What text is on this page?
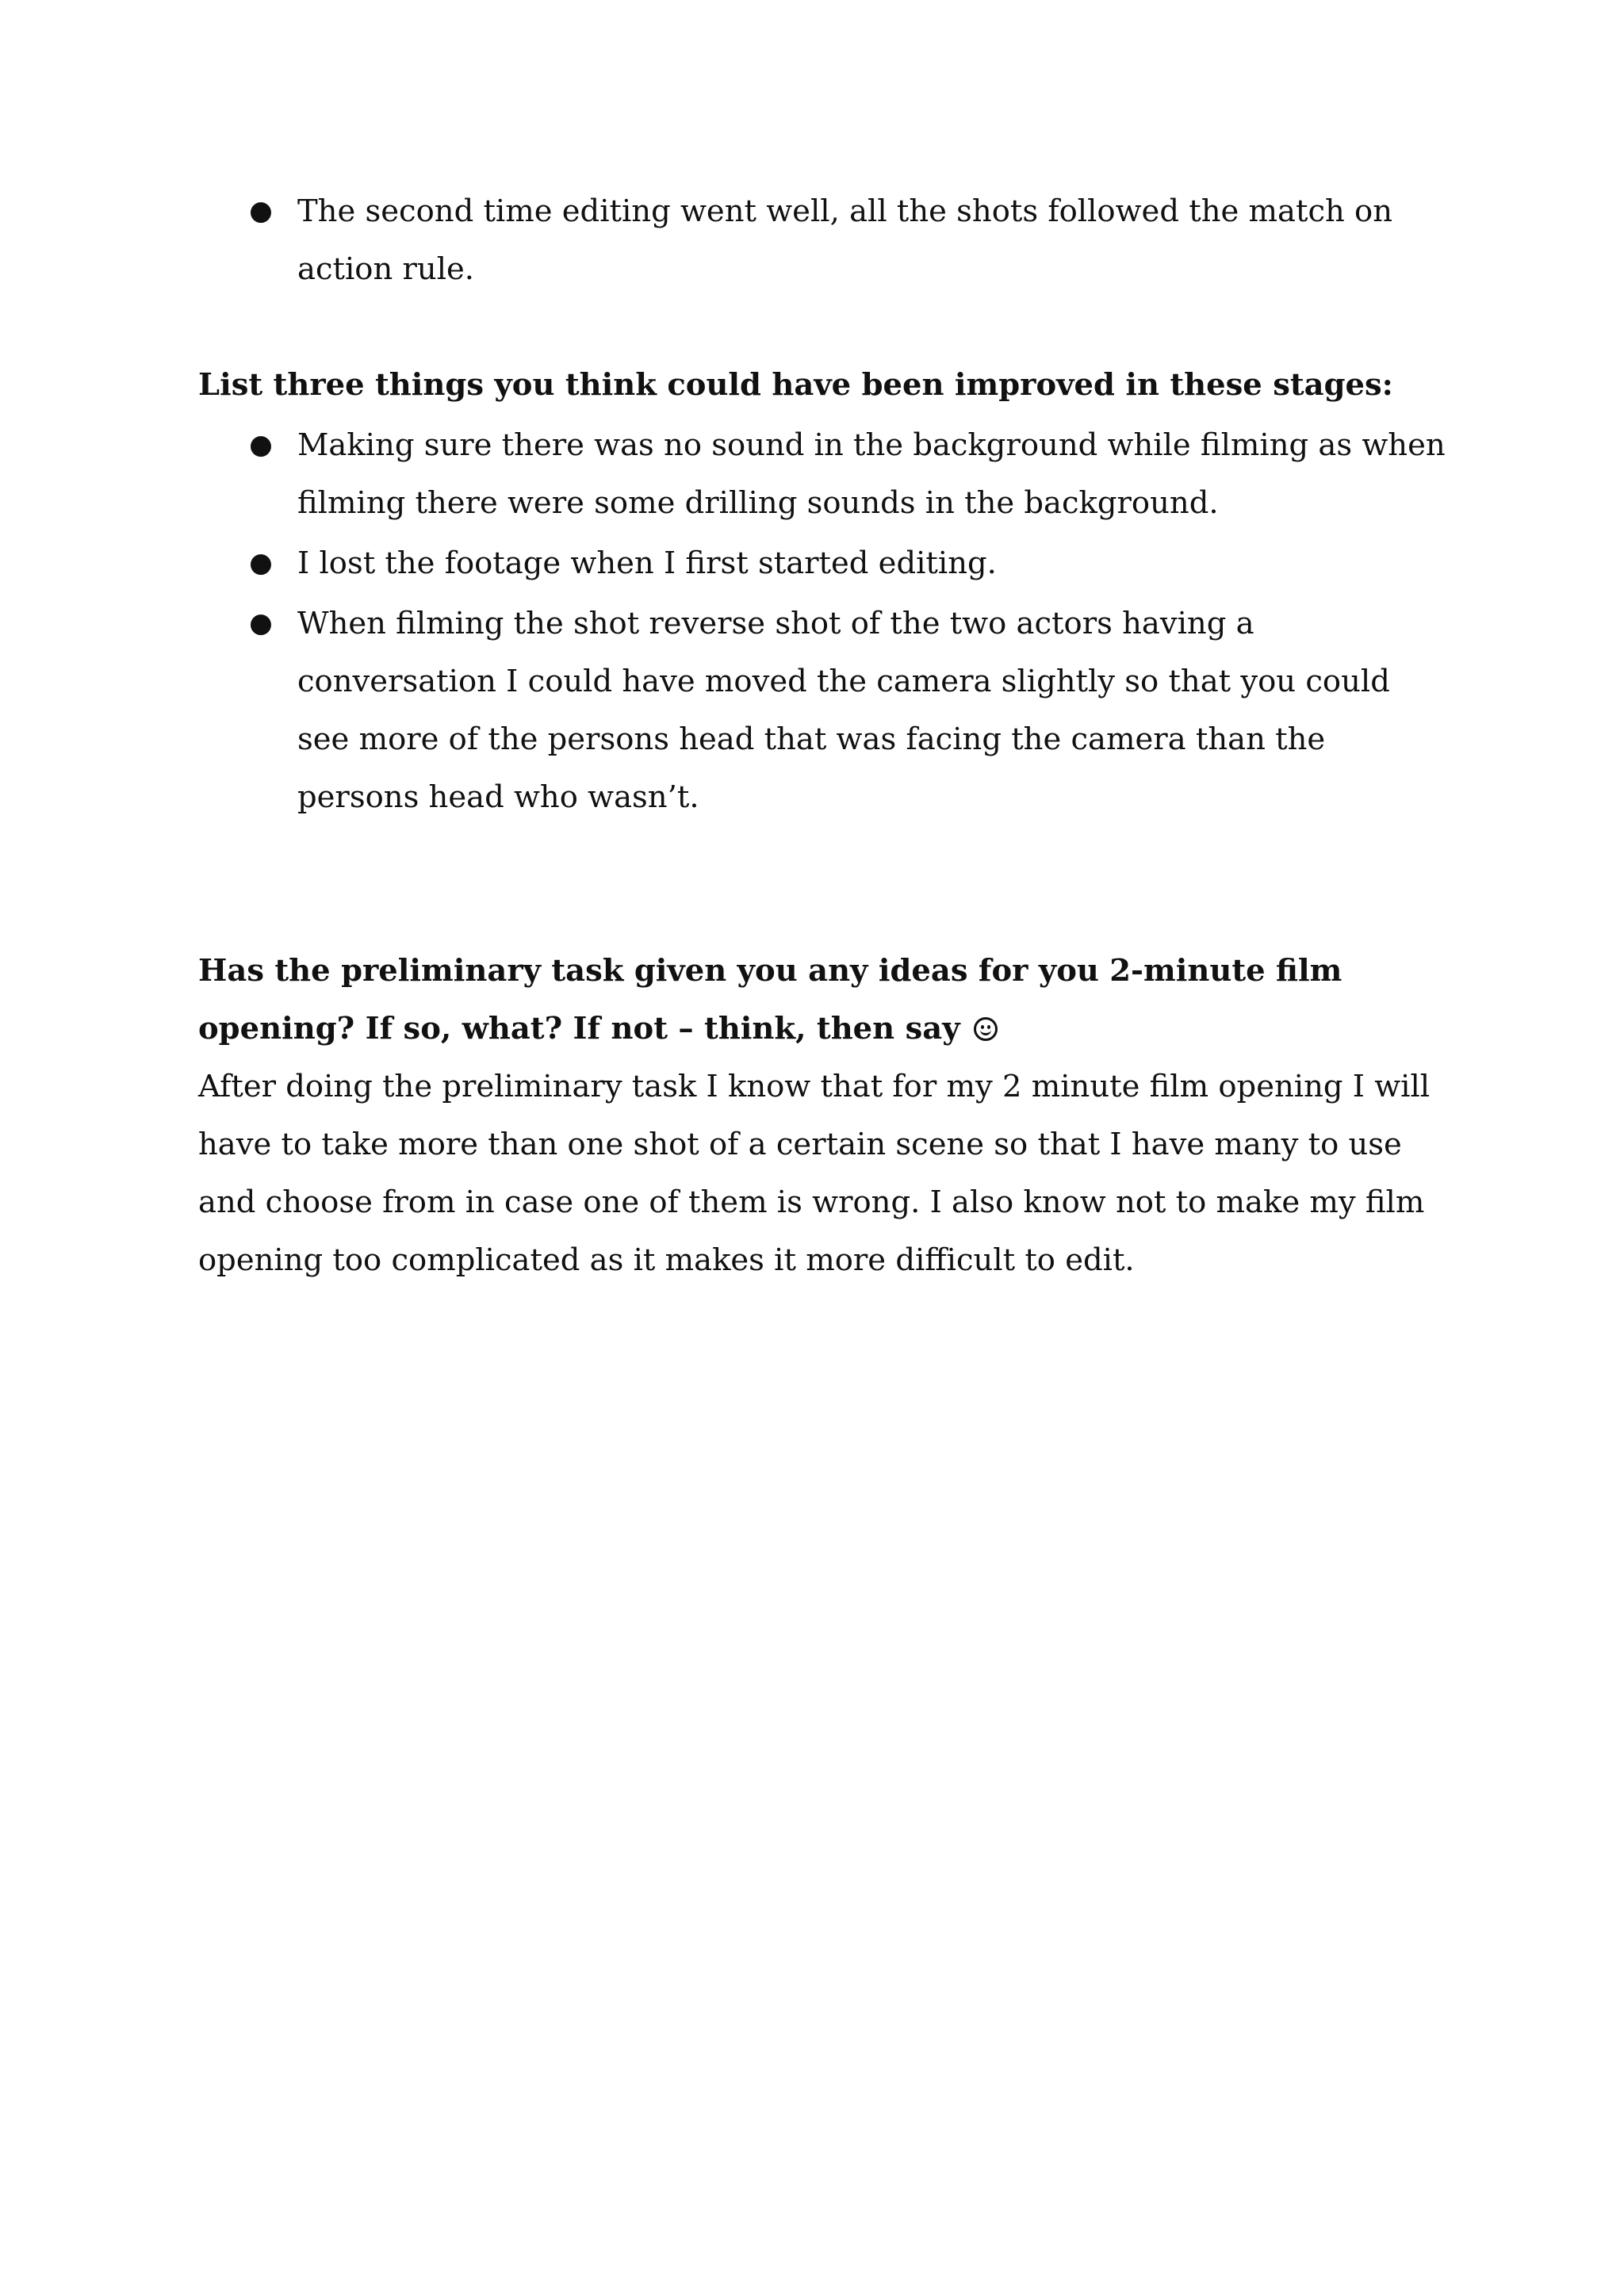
● The second time editing went well, all the shots followed the match on action rule.

List three things you think could have been improved in these stages:

● Making sure there was no sound in the background while filming as when filming there were some drilling sounds in the background.
● I lost the footage when I first started editing.
● When filming the shot reverse shot of the two actors having a conversation I could have moved the camera slightly so that you could see more of the persons head that was facing the camera than the persons head who wasn’t.

Has the preliminary task given you any ideas for you 2-minute film opening? If so, what? If not – think, then say

After doing the preliminary task I know that for my 2 minute film opening I will have to take more than one shot of a certain scene so that I have many to use and choose from in case one of them is wrong. I also know not to make my film opening too complicated as it makes it more difficult to edit.
